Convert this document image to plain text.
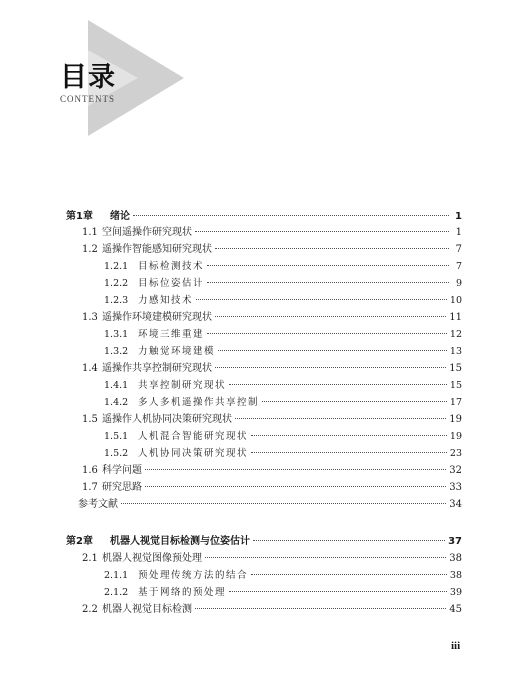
目录
CONTENTS
第1章	绪论	1
1.1 空间遥操作研究现状	1
1.2 遥操作智能感知研究现状	7
1.2.1	目标检测技术	7
1.2.2	目标位姿估计	9
1.2.3	力感知技术	10
1.3 遥操作环境建模研究现状	11
1.3.1	环境三维重建	12
1.3.2	力触觉环境建模	13
1.4 遥操作共享控制研究现状	15
1.4.1	共享控制研究现状	15
1.4.2	多人多机遥操作共享控制	17
1.5 遥操作人机协同决策研究现状	19
1.5.1	人机混合智能研究现状	19
1.5.2	人机协同决策研究现状	23
1.6 科学问题	32
1.7 研究思路	33
参考文献	34
第2章	机器人视觉目标检测与位姿估计	37
2.1 机器人视觉图像预处理	38
2.1.1	预处理传统方法的结合	38
2.1.2	基于网络的预处理	39
2.2 机器人视觉目标检测	45
iii
